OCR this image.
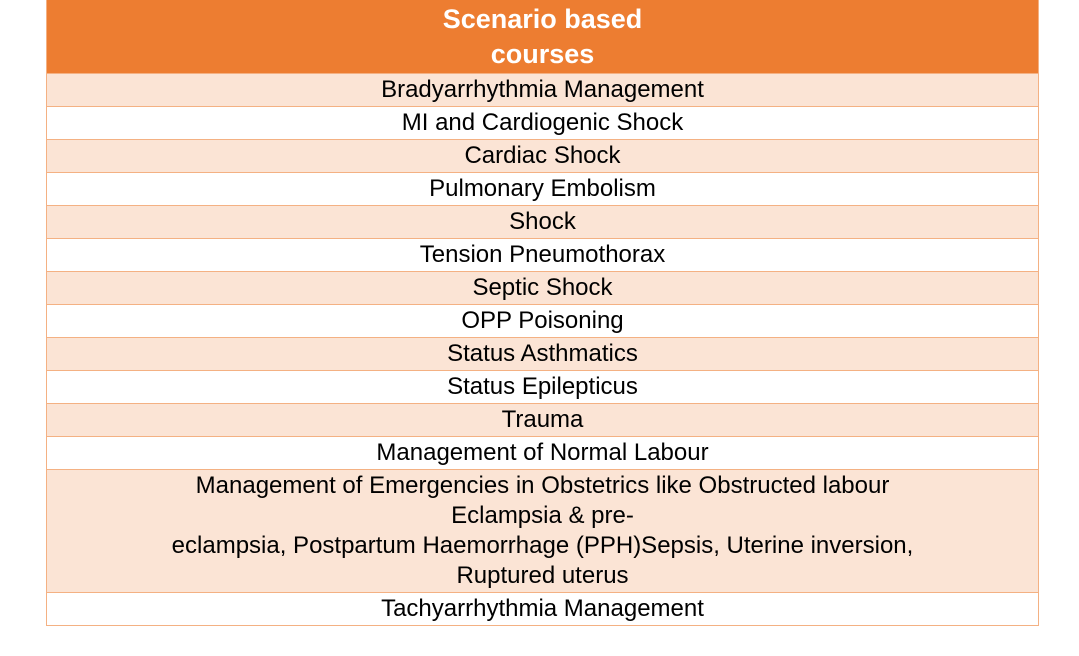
Scenario based courses
Bradyarrhythmia Management
MI and Cardiogenic Shock
Cardiac Shock
Pulmonary Embolism
Shock
Tension Pneumothorax
Septic Shock
OPP Poisoning
Status Asthmatics
Status Epilepticus
Trauma
Management of Normal Labour

Management of Emergencies in Obstetrics like Obstructed labour
Eclampsia & pre-
eclampsia, Postpartum Haemorrhage (PPH)Sepsis, Uterine inversion,
Ruptured uterus

Tachyarrhythmia Management
